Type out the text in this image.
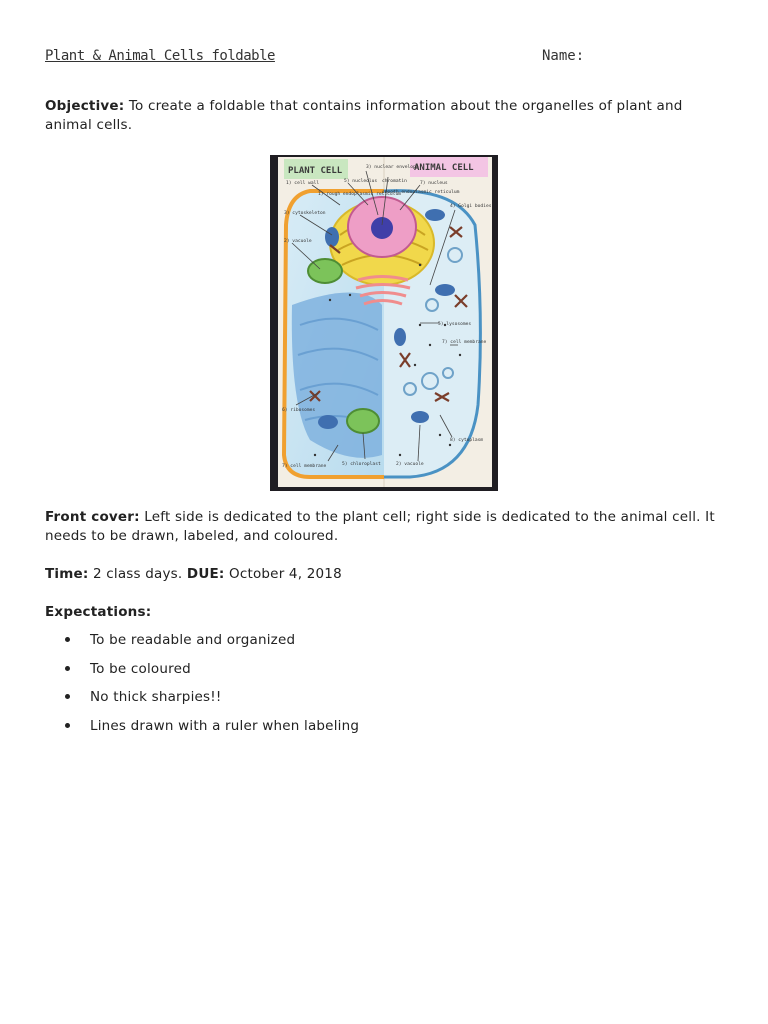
Plant & Animal Cells foldable	Name:
Objective: To create a foldable that contains information about the organelles of plant and animal cells.
PLANT CELL	ANIMAL CELL
3) nuclear envelope
5) nucleolus chromatin
1) cell wall	7) nucleus
1) rough endoplasmic reticulum
smooth endoplasmic reticulum
3) cytoskeleton
4) Golgi bodies
2) vacuole
5) lysosomes
7) cell membrane
6) ribosomes
8) cytoplasm
7) cell membrane	5) chloroplast	2) vacuole
Front cover: Left side is dedicated to the plant cell; right side is dedicated to the animal cell. It needs to be drawn, labeled, and coloured.
Time: 2 class days. DUE: October 4, 2018
Expectations:
To be readable and organized
To be coloured
No thick sharpies!!
Lines drawn with a ruler when labeling
